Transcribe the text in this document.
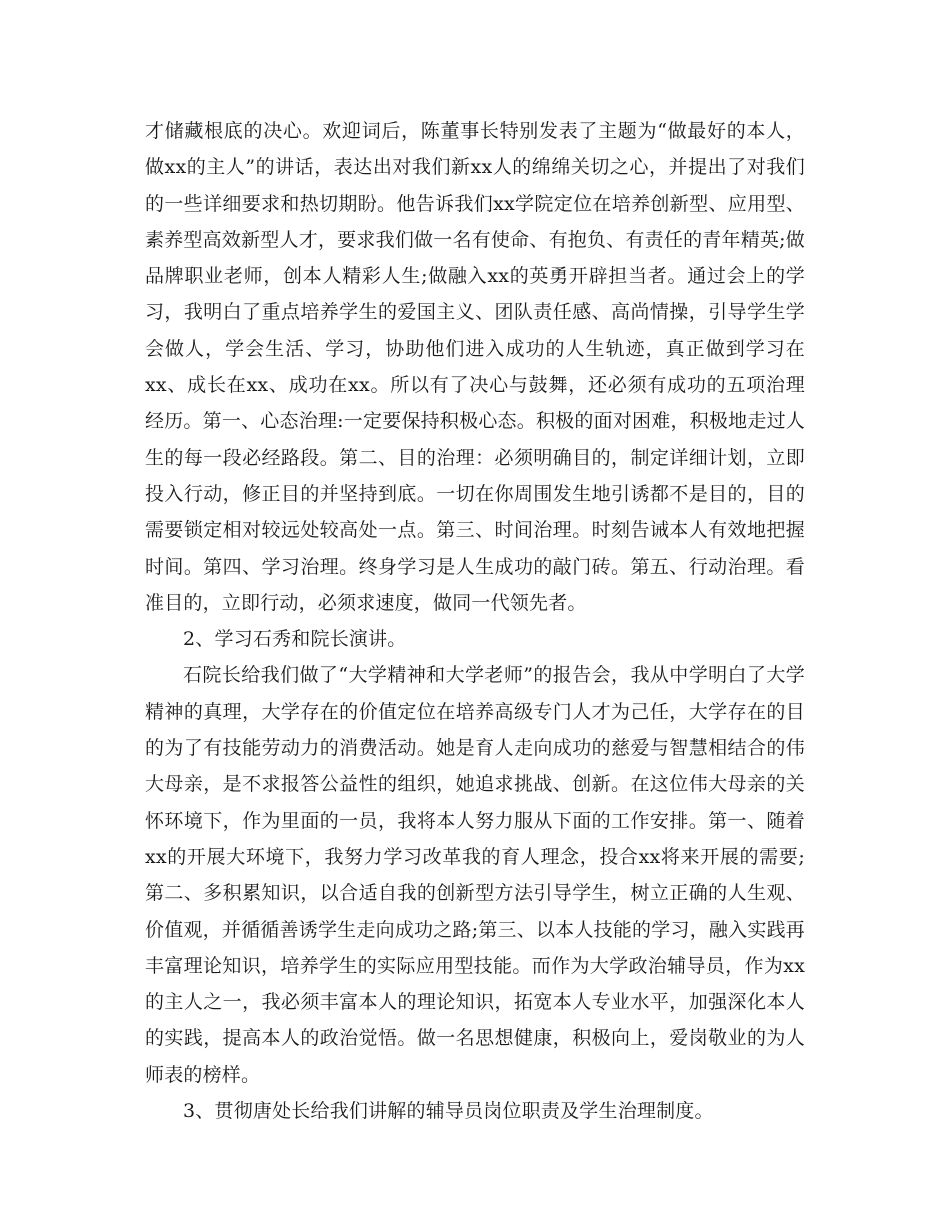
才储藏根底的决心。欢迎词后，陈董事长特别发表了主题为“做最好的本人，做xx的主人”的讲话，表达出对我们新xx人的绵绵关切之心，并提出了对我们的一些详细要求和热切期盼。他告诉我们xx学院定位在培养创新型、应用型、素养型高效新型人才，要求我们做一名有使命、有抱负、有责任的青年精英;做品牌职业老师，创本人精彩人生;做融入xx的英勇开辟担当者。通过会上的学习，我明白了重点培养学生的爱国主义、团队责任感、高尚情操，引导学生学会做人，学会生活、学习，协助他们进入成功的人生轨迹，真正做到学习在xx、成长在xx、成功在xx。所以有了决心与鼓舞，还必须有成功的五项治理经历。第一、心态治理:一定要保持积极心态。积极的面对困难，积极地走过人生的每一段必经路段。第二、目的治理：必须明确目的，制定详细计划，立即投入行动，修正目的并坚持到底。一切在你周围发生地引诱都不是目的，目的需要锁定相对较远处较高处一点。第三、时间治理。时刻告诫本人有效地把握时间。第四、学习治理。终身学习是人生成功的敲门砖。第五、行动治理。看准目的，立即行动，必须求速度，做同一代领先者。

2、学习石秀和院长演讲。

石院长给我们做了“大学精神和大学老师”的报告会，我从中学明白了大学精神的真理，大学存在的价值定位在培养高级专门人才为己任，大学存在的目的为了有技能劳动力的消费活动。她是育人走向成功的慈爱与智慧相结合的伟大母亲，是不求报答公益性的组织，她追求挑战、创新。在这位伟大母亲的关怀环境下，作为里面的一员，我将本人努力服从下面的工作安排。第一、随着xx的开展大环境下，我努力学习改革我的育人理念，投合xx将来开展的需要;第二、多积累知识，以合适自我的创新型方法引导学生，树立正确的人生观、价值观，并循循善诱学生走向成功之路;第三、以本人技能的学习，融入实践再丰富理论知识，培养学生的实际应用型技能。而作为大学政治辅导员，作为xx的主人之一，我必须丰富本人的理论知识，拓宽本人专业水平，加强深化本人的实践，提高本人的政治觉悟。做一名思想健康，积极向上，爱岗敬业的为人师表的榜样。

3、贯彻唐处长给我们讲解的辅导员岗位职责及学生治理制度。
